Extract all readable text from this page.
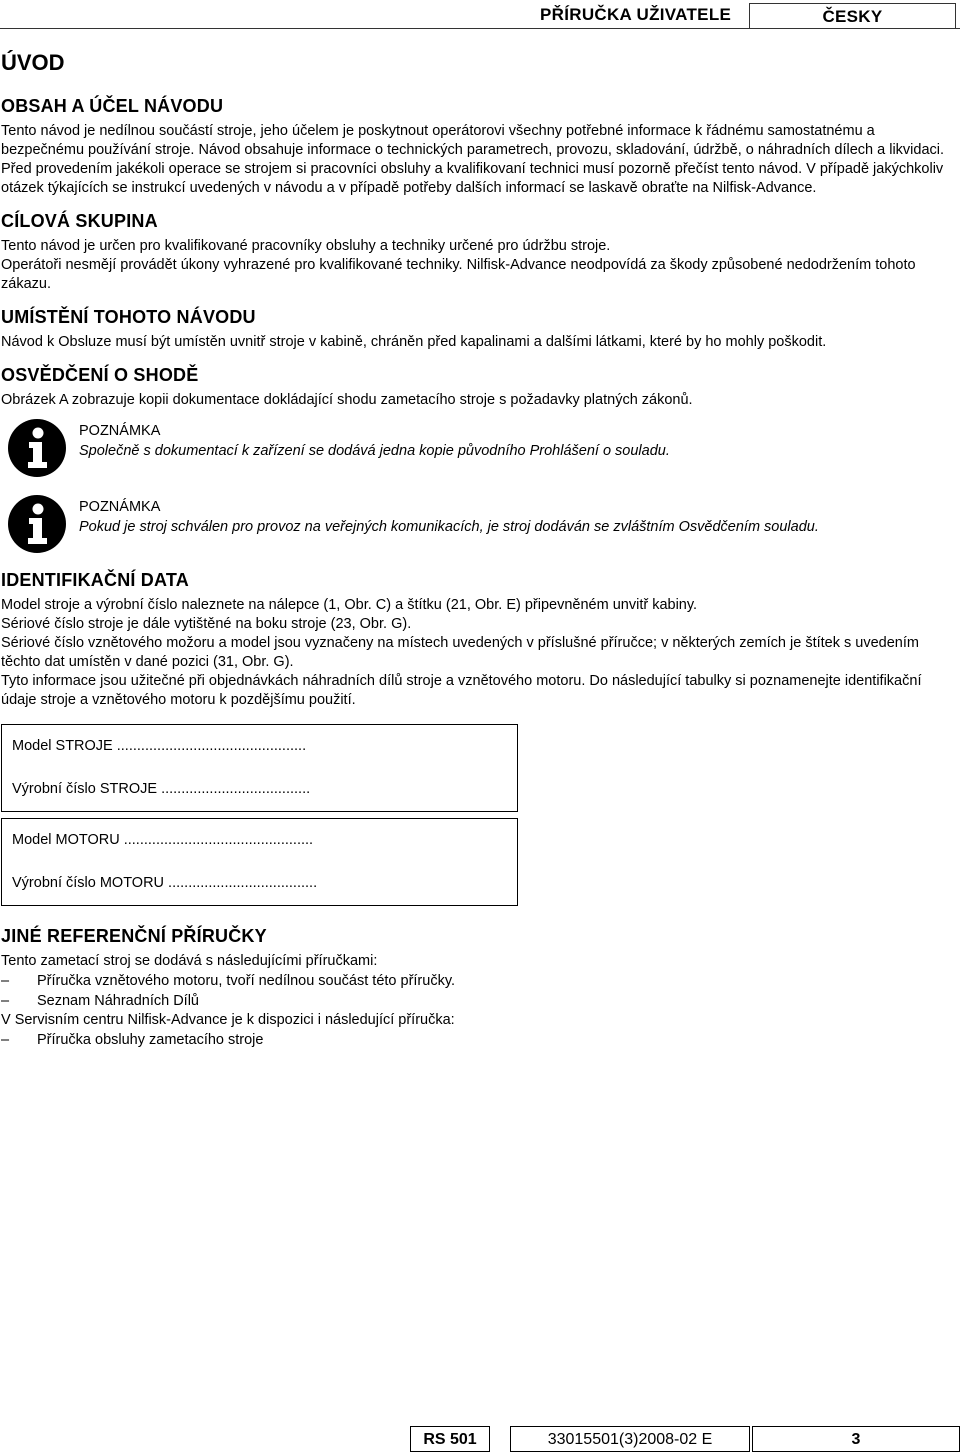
PŘÍRUČKA UŽIVATELE	ČESKY
ÚVOD
OBSAH A ÚČEL NÁVODU

Tento návod je nedílnou součástí stroje, jeho účelem je poskytnout operátorovi všechny potřebné informace k řádnému samostatnému a bezpečnému používání stroje. Návod obsahuje informace o technických parametrech, provozu, skladování, údržbě, o náhradních dílech a likvidaci.

Před provedením jakékoli operace se strojem si pracovníci obsluhy a kvalifikovaní technici musí pozorně přečíst tento návod. V případě jakýchkoliv otázek týkajících se instrukcí uvedených v návodu a v případě potřeby dalších informací se laskavě obraťte na Nilfisk-Advance.

CÍLOVÁ SKUPINA

Tento návod je určen pro kvalifikované pracovníky obsluhy a techniky určené pro údržbu stroje.

Operátoři nesmějí provádět úkony vyhrazené pro kvalifikované techniky. Nilfisk-Advance neodpovídá za škody způsobené nedodržením tohoto zákazu.

UMÍSTĚNÍ TOHOTO NÁVODU

Návod k Obsluze musí být umístěn uvnitř stroje v kabině, chráněn před kapalinami a dalšími látkami, které by ho mohly poškodit.

OSVĚDČENÍ O SHODĚ

Obrázek A zobrazuje kopii dokumentace dokládající shodu zametacího stroje s požadavky platných zákonů.

POZNÁMKA
Společně s dokumentací k zařízení se dodává jedna kopie původního Prohlášení o souladu.
POZNÁMKA
Pokud je stroj schválen pro provoz na veřejných komunikacích, je stroj dodáván se zvláštním Osvědčením souladu.
IDENTIFIKAČNÍ DATA

Model stroje a výrobní číslo naleznete na nálepce (1, Obr. C) a štítku (21, Obr. E) připevněném unvitř kabiny.

Sériové číslo stroje je dále vytištěné na boku stroje (23, Obr. G).

Sériové číslo vznětového možoru a model jsou vyznačeny na místech uvedených v příslušné příručce; v některých zemích je štítek s uvedením těchto dat umístěn v dané pozici (31, Obr. G).

Tyto informace jsou užitečné při objednávkách náhradních dílů stroje a vznětového motoru. Do následující tabulky si poznamenejte identifikační údaje stroje a vznětového motoru k pozdějšímu použití.

Model STROJE ...............................................
Výrobní číslo STROJE .....................................
Model MOTORU ...............................................
Výrobní číslo MOTORU .....................................
JINÉ REFERENČNÍ PŘÍRUČKY

Tento zametací stroj se dodává s následujícími příručkami:

– Příručka vznětového motoru, tvoří nedílnou součást této příručky.
– Seznam Náhradních Dílů

V Servisním centru Nilfisk-Advance je k dispozici i následující příručka:

– Příručka obsluhy zametacího stroje
RS 501	33015501(3)2008-02 E	3
